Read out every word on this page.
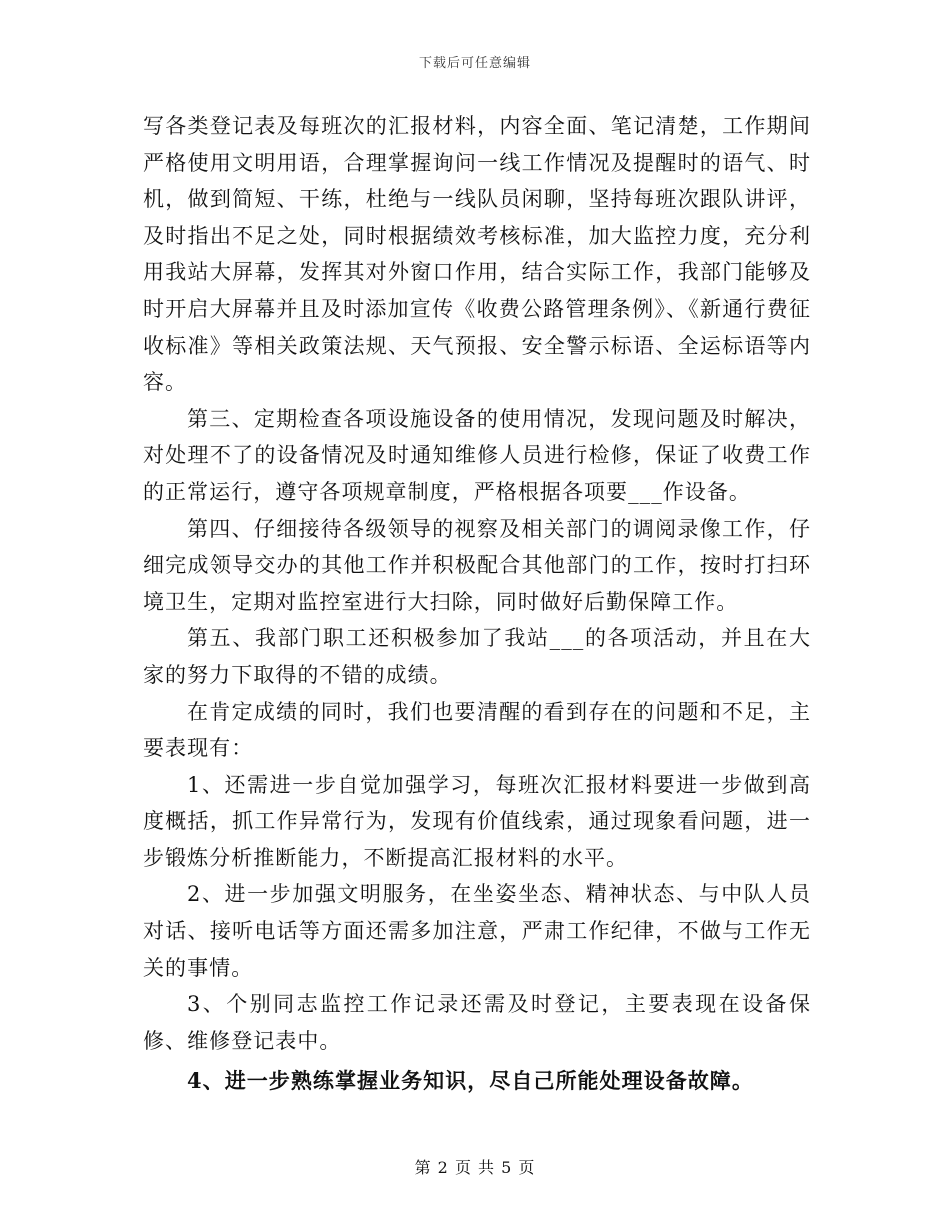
下载后可任意编辑

写各类登记表及每班次的汇报材料，内容全面、笔记清楚，工作期间严格使用文明用语，合理掌握询问一线工作情况及提醒时的语气、时机，做到简短、干练，杜绝与一线队员闲聊，坚持每班次跟队讲评，及时指出不足之处，同时根据绩效考核标准，加大监控力度，充分利用我站大屏幕，发挥其对外窗口作用，结合实际工作，我部门能够及时开启大屏幕并且及时添加宣传《收费公路管理条例》、《新通行费征收标准》等相关政策法规、天气预报、安全警示标语、全运标语等内容。

第三、定期检查各项设施设备的使用情况，发现问题及时解决，对处理不了的设备情况及时通知维修人员进行检修，保证了收费工作的正常运行，遵守各项规章制度，严格根据各项要___作设备。

第四、仔细接待各级领导的视察及相关部门的调阅录像工作，仔细完成领导交办的其他工作并积极配合其他部门的工作，按时打扫环境卫生，定期对监控室进行大扫除，同时做好后勤保障工作。

第五、我部门职工还积极参加了我站___的各项活动，并且在大家的努力下取得的不错的成绩。

在肯定成绩的同时，我们也要清醒的看到存在的问题和不足，主要表现有：

1、还需进一步自觉加强学习，每班次汇报材料要进一步做到高度概括，抓工作异常行为，发现有价值线索，通过现象看问题，进一步锻炼分析推断能力，不断提高汇报材料的水平。

2、进一步加强文明服务，在坐姿坐态、精神状态、与中队人员对话、接听电话等方面还需多加注意，严肃工作纪律，不做与工作无关的事情。

3、个别同志监控工作记录还需及时登记，主要表现在设备保修、维修登记表中。

4、进一步熟练掌握业务知识，尽自己所能处理设备故障。

第 2 页 共 5 页
